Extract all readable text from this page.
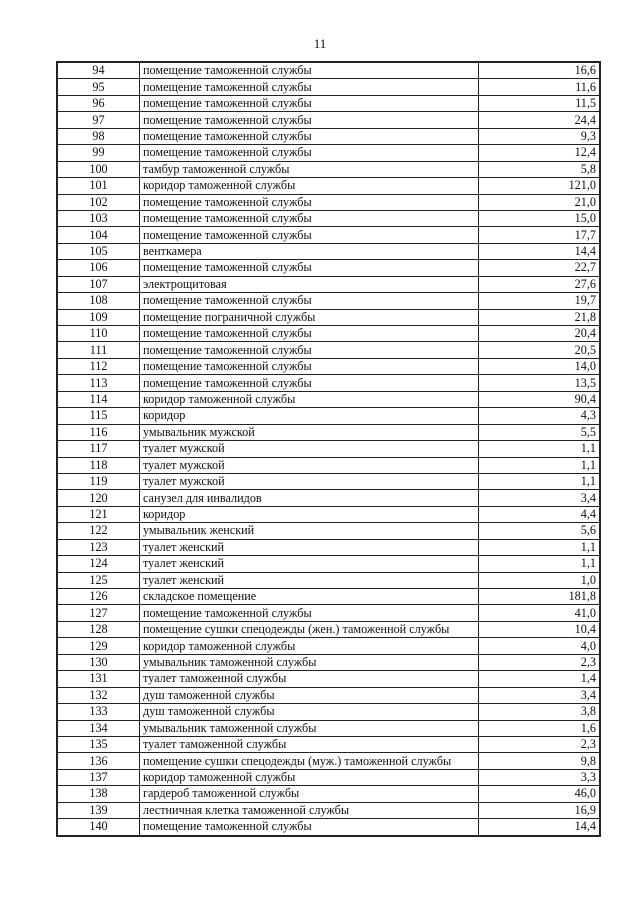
11
94	помещение таможенной службы	16,6
95	помещение таможенной службы	11,6
96	помещение таможенной службы	11,5
97	помещение таможенной службы	24,4
98	помещение таможенной службы	9,3
99	помещение таможенной службы	12,4
100	тамбур таможенной службы	5,8
101	коридор таможенной службы	121,0
102	помещение таможенной службы	21,0
103	помещение таможенной службы	15,0
104	помещение таможенной службы	17,7
105	венткамера	14,4
106	помещение таможенной службы	22,7
107	электрощитовая	27,6
108	помещение таможенной службы	19,7
109	помещение пограничной службы	21,8
110	помещение таможенной службы	20,4
111	помещение таможенной службы	20,5
112	помещение таможенной службы	14,0
113	помещение таможенной службы	13,5
114	коридор таможенной службы	90,4
115	коридор	4,3
116	умывальник мужской	5,5
117	туалет мужской	1,1
118	туалет мужской	1,1
119	туалет мужской	1,1
120	санузел для инвалидов	3,4
121	коридор	4,4
122	умывальник женский	5,6
123	туалет женский	1,1
124	туалет женский	1,1
125	туалет женский	1,0
126	складское помещение	181,8
127	помещение таможенной службы	41,0
128	помещение сушки спецодежды (жен.) таможенной службы	10,4
129	коридор таможенной службы	4,0
130	умывальник таможенной службы	2,3
131	туалет таможенной службы	1,4
132	душ таможенной службы	3,4
133	душ таможенной службы	3,8
134	умывальник таможенной службы	1,6
135	туалет таможенной службы	2,3
136	помещение сушки спецодежды (муж.) таможенной службы	9,8
137	коридор таможенной службы	3,3
138	гардероб таможенной службы	46,0
139	лестничная клетка таможенной службы	16,9
140	помещение таможенной службы	14,4
